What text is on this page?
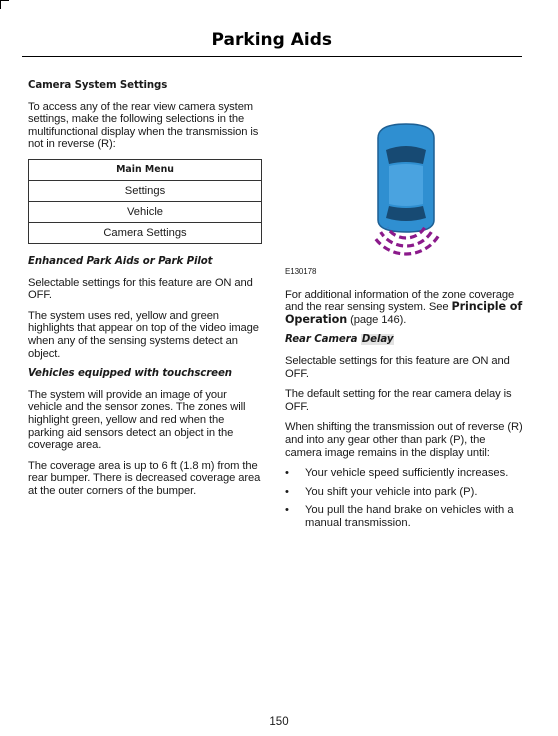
Parking Aids

Camera System Settings

To access any of the rear view camera system settings, make the following selections in the multifunctional display when the transmission is not in reverse (R):

Main Menu
Settings
Vehicle
Camera Settings

Enhanced Park Aids or Park Pilot

Selectable settings for this feature are ON and OFF.

The system uses red, yellow and green highlights that appear on top of the video image when any of the sensing systems detect an object.

Vehicles equipped with touchscreen

The system will provide an image of your vehicle and the sensor zones. The zones will highlight green, yellow and red when the parking aid sensors detect an object in the coverage area.

The coverage area is up to 6 ft (1.8 m) from the rear bumper. There is decreased coverage area at the outer corners of the bumper.

E130178

For additional information of the zone coverage and the rear sensing system. See Principle of Operation (page 146).

Rear Camera Delay

Selectable settings for this feature are ON and OFF.

The default setting for the rear camera delay is OFF.

When shifting the transmission out of reverse (R) and into any gear other than park (P), the camera image remains in the display until:

• Your vehicle speed sufficiently increases.
• You shift your vehicle into park (P).
• You pull the hand brake on vehicles with a manual transmission.
150
